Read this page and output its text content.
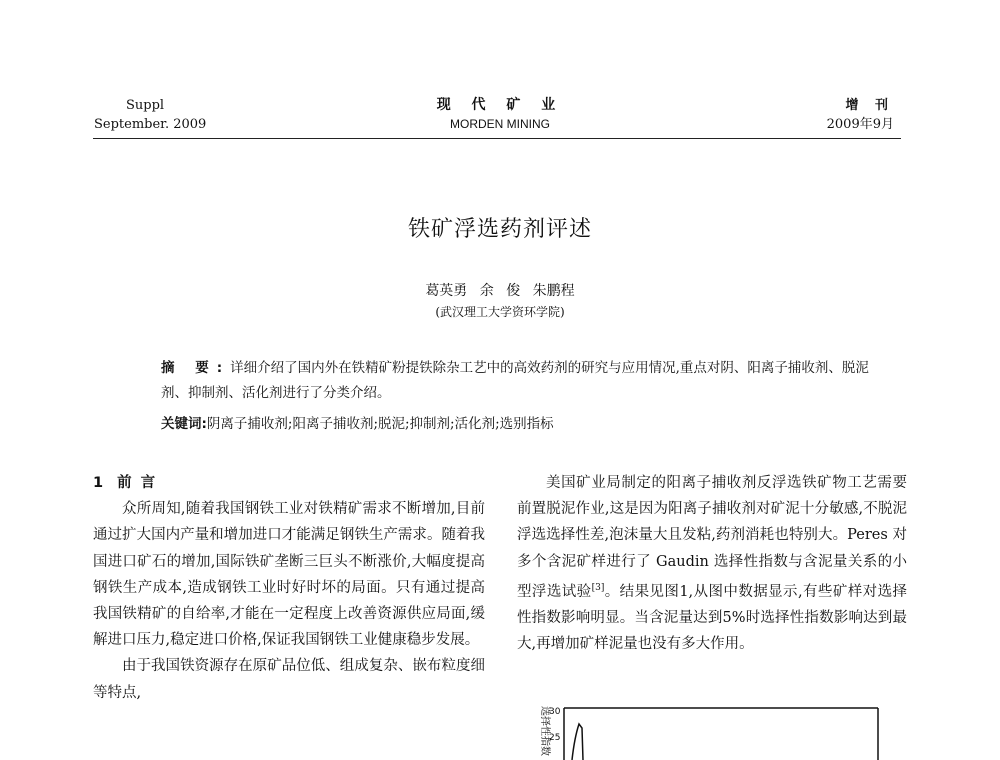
Suppl
September. 2009
现 代 矿 业
MORDEN MINING
增 刊
2009年9月
铁矿浮选药剂评述
葛英勇 余 俊 朱鹏程
(武汉理工大学资环学院)

摘 要:详细介绍了国内外在铁精矿粉提铁除杂工艺中的高效药剂的研究与应用情况,重点对阴、阳离子捕收剂、脱泥剂、抑制剂、活化剂进行了分类介绍。

关键词:阴离子捕收剂;阳离子捕收剂;脱泥;抑制剂;活化剂;选别指标
1 前 言

众所周知,随着我国钢铁工业对铁精矿需求不断增加,目前通过扩大国内产量和增加进口才能满足钢铁生产需求。随着我国进口矿石的增加,国际铁矿垄断三巨头不断涨价,大幅度提高钢铁生产成本,造成钢铁工业时好时坏的局面。只有通过提高我国铁精矿的自给率,才能在一定程度上改善资源供应局面,缓解进口压力,稳定进口价格,保证我国钢铁工业健康稳步发展。

由于我国铁资源存在原矿品位低、组成复杂、嵌布粒度细等特点,

美国矿业局制定的阳离子捕收剂反浮选铁矿物工艺需要前置脱泥作业,这是因为阳离子捕收剂对矿泥十分敏感,不脱泥浮选选择性差,泡沫量大且发粘,药剂消耗也特别大。Peres 对多个含泥矿样进行了 Gaudin 选择性指数与含泥量关系的小型浮选试验[3]。结果见图1,从图中数据显示,有些矿样对选择性指数影响明显。当含泥量达到5%时选择性指数影响达到最大,再增加矿样泥量也没有多大作用。

选择性指数 30
25
